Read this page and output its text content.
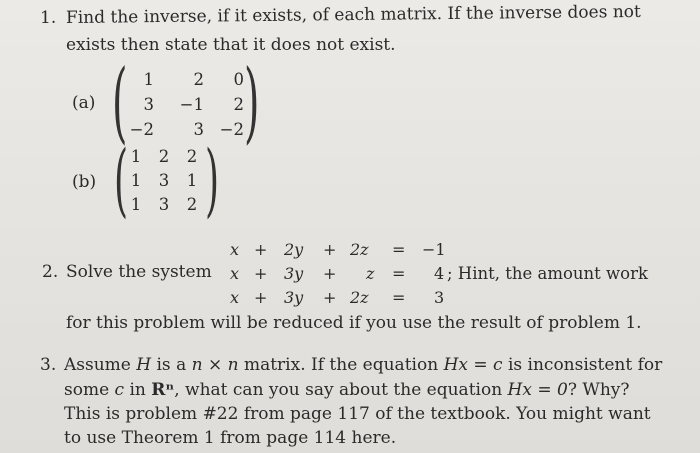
1. Find the inverse, if it exists, of each matrix. If the inverse does not
exists then state that it does not exist.
(a) ( )
1	2	0
3	−1	2
−2	3 −2
(b) ( )
1 2 2
1 3 1
1 3 2
2. Solve the system
x + 2y + 2z = −1
x + 3y + z = 4 ; Hint, the amount work
x + 3y + 2z = 3
for this problem will be reduced if you use the result of problem 1.
3. Assume H is a n × n matrix. If the equation Hx = c is inconsistent for
some c in Rⁿ, what can you say about the equation Hx = 0? Why?
This is problem #22 from page 117 of the textbook. You might want
to use Theorem 1 from page 114 here.
